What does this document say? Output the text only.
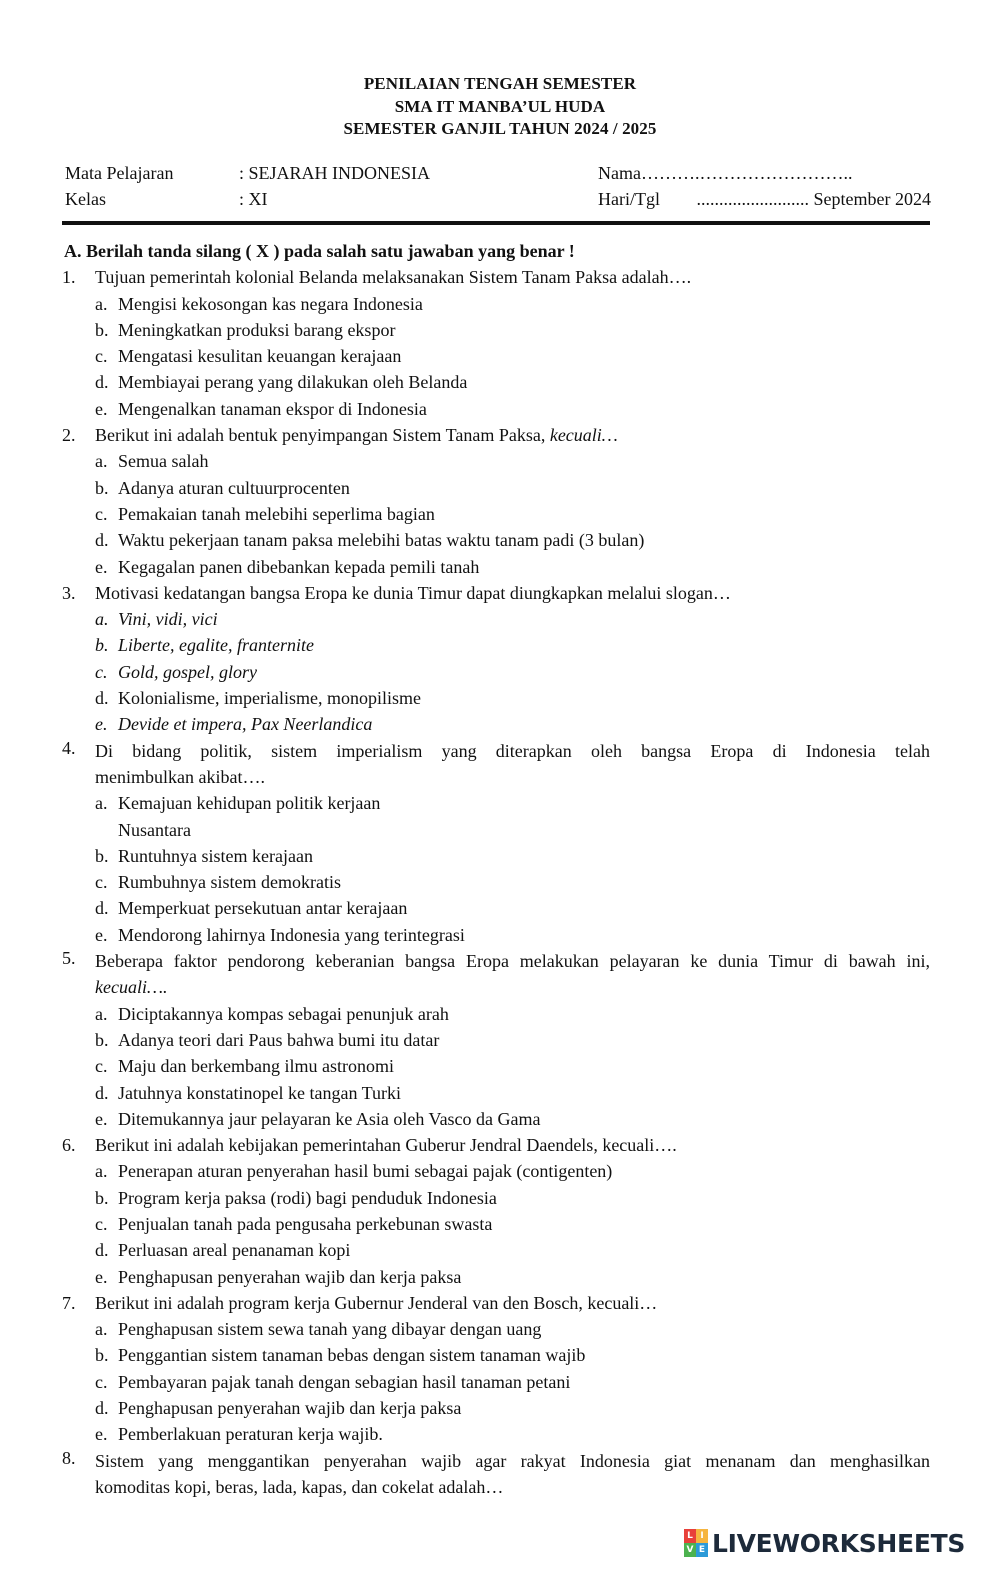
PENILAIAN TENGAH SEMESTER
SMA IT MANBA’UL HUDA
SEMESTER GANJIL TAHUN 2024 / 2025
Mata Pelajaran	: SEJARAH INDONESIA	Nama……….……………………..
Kelas	: XI	Hari/Tgl ......................... September 2024
A. Berilah tanda silang ( X ) pada salah satu jawaban yang benar !
1. Tujuan pemerintah kolonial Belanda melaksanakan Sistem Tanam Paksa adalah….
a. Mengisi kekosongan kas negara Indonesia
b. Meningkatkan produksi barang ekspor
c. Mengatasi kesulitan keuangan kerajaan
d. Membiayai perang yang dilakukan oleh Belanda
e. Mengenalkan tanaman ekspor di Indonesia
2. Berikut ini adalah bentuk penyimpangan Sistem Tanam Paksa, kecuali…
a. Semua salah
b. Adanya aturan cultuurprocenten
c. Pemakaian tanah melebihi seperlima bagian
d. Waktu pekerjaan tanam paksa melebihi batas waktu tanam padi (3 bulan)
e. Kegagalan panen dibebankan kepada pemili tanah
3. Motivasi kedatangan bangsa Eropa ke dunia Timur dapat diungkapkan melalui slogan…
a. Vini, vidi, vici
b. Liberte, egalite, franternite
c. Gold, gospel, glory
d. Kolonialisme, imperialisme, monopilisme
e. Devide et impera, Pax Neerlandica
4. Di bidang politik, sistem imperialism yang diterapkan oleh bangsa Eropa di Indonesia telah
menimbulkan akibat….
a. Kemajuan kehidupan politik kerjaan
Nusantara
b. Runtuhnya sistem kerajaan
c. Rumbuhnya sistem demokratis
d. Memperkuat persekutuan antar kerajaan
e. Mendorong lahirnya Indonesia yang terintegrasi
5. Beberapa faktor pendorong keberanian bangsa Eropa melakukan pelayaran ke dunia Timur di bawah ini,
kecuali….
a. Diciptakannya kompas sebagai penunjuk arah
b. Adanya teori dari Paus bahwa bumi itu datar
c. Maju dan berkembang ilmu astronomi
d. Jatuhnya konstatinopel ke tangan Turki
e. Ditemukannya jaur pelayaran ke Asia oleh Vasco da Gama
6. Berikut ini adalah kebijakan pemerintahan Guberur Jendral Daendels, kecuali….
a. Penerapan aturan penyerahan hasil bumi sebagai pajak (contigenten)
b. Program kerja paksa (rodi) bagi penduduk Indonesia
c. Penjualan tanah pada pengusaha perkebunan swasta
d. Perluasan areal penanaman kopi
e. Penghapusan penyerahan wajib dan kerja paksa
7. Berikut ini adalah program kerja Gubernur Jenderal van den Bosch, kecuali…
a. Penghapusan sistem sewa tanah yang dibayar dengan uang
b. Penggantian sistem tanaman bebas dengan sistem tanaman wajib
c. Pembayaran pajak tanah dengan sebagian hasil tanaman petani
d. Penghapusan penyerahan wajib dan kerja paksa
e. Pemberlakuan peraturan kerja wajib.
8. Sistem yang menggantikan penyerahan wajib agar rakyat Indonesia giat menanam dan menghasilkan
komoditas kopi, beras, lada, kapas, dan cokelat adalah…
L I
V E LIVEWORKSHEETS
